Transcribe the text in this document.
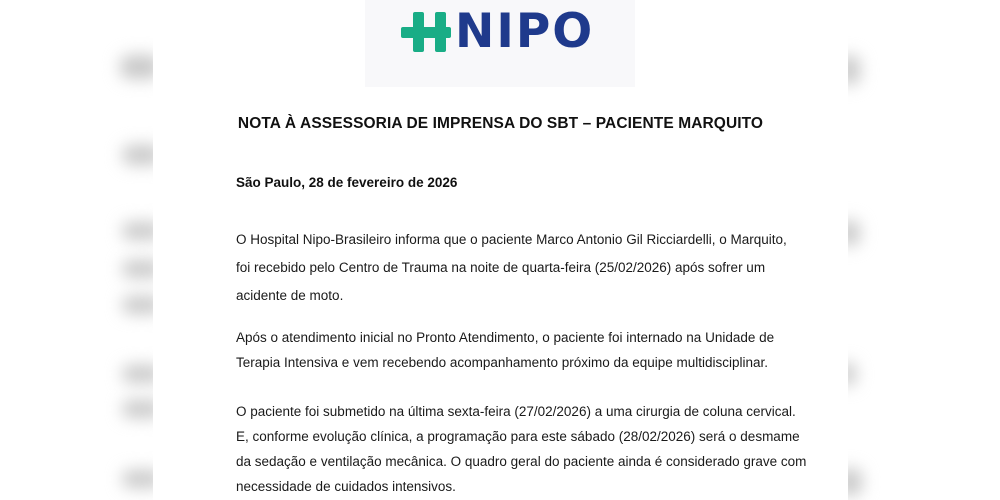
NIPO
NOTA À ASSESSORIA DE IMPRENSA DO SBT – PACIENTE MARQUITO
São Paulo, 28 de fevereiro de 2026
O Hospital Nipo-Brasileiro informa que o paciente Marco Antonio Gil Ricciardelli, o Marquito,
foi recebido pelo Centro de Trauma na noite de quarta-feira (25/02/2026) após sofrer um
acidente de moto.
Após o atendimento inicial no Pronto Atendimento, o paciente foi internado na Unidade de
Terapia Intensiva e vem recebendo acompanhamento próximo da equipe multidisciplinar.
O paciente foi submetido na última sexta-feira (27/02/2026) a uma cirurgia de coluna cervical.
E, conforme evolução clínica, a programação para este sábado (28/02/2026) será o desmame
da sedação e ventilação mecânica. O quadro geral do paciente ainda é considerado grave com
necessidade de cuidados intensivos.
